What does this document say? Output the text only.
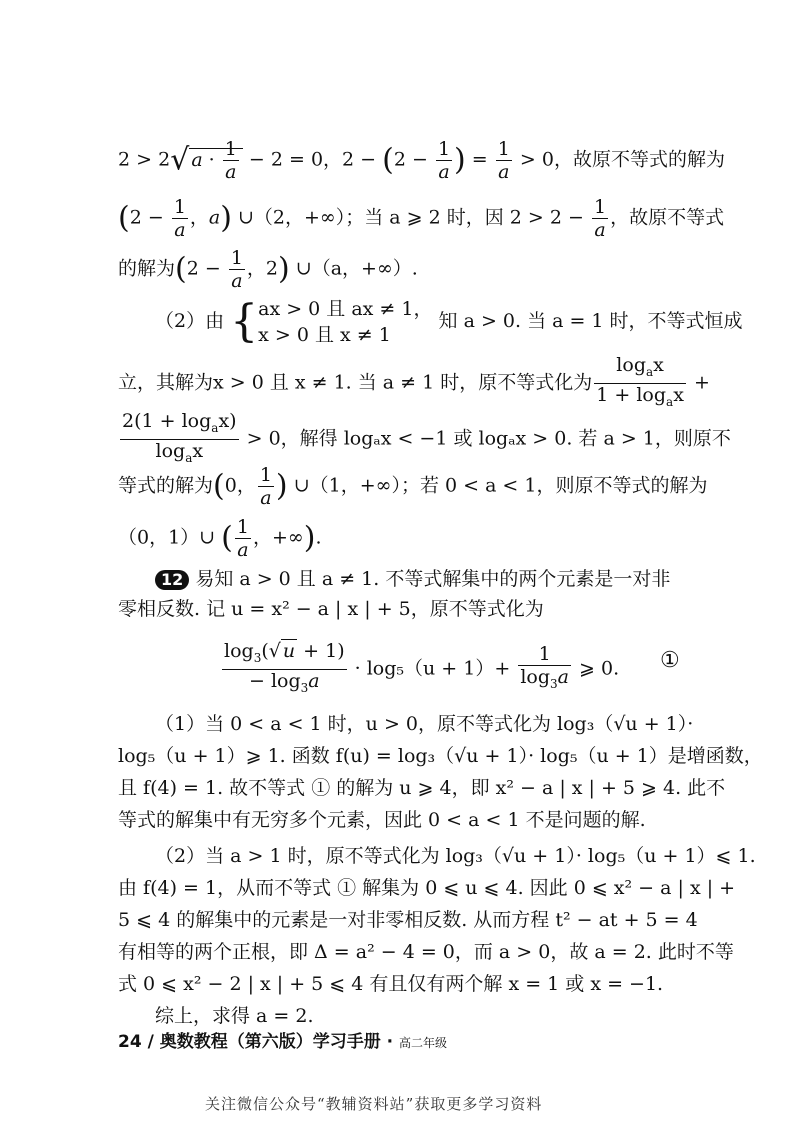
2 > 2√ $a \cdot \frac{1}{a} - 2 = 0$，$2 - (2 - \frac{1}{a}$ ) = $\frac{1}{a} > 0$，故原不等式的解为
($2 - \frac{1}{a}$ ，a) ∪（2，+∞）；当 a ⩾ 2 时，因 $2 > 2 - \frac{1}{a}$ ，故原不等式
的解为($2 - \frac{1}{a}$ ，2) ∪（a，+∞）.
（2）由 {ax > 0 且 ax ≠ 1，
x > 0 且 x ≠ 1 知 a > 0. 当 a = 1 时，不等式恒成
立，其解为x > 0 且 x ≠ 1. 当 a ≠ 1 时，原不等式化为 $\frac{\log_ax}{1 + \log_ax}$ +
$\frac{2(1 + \log_ax)}{\log_ax} > 0$，解得 logₐx < −1 或 logₐx > 0. 若 a > 1，则原不
等式的解为(0， $\frac{1}{a}$ ) ∪（1，+∞）；若 0 < a < 1，则原不等式的解为
（0，1）∪ ( $\frac{1}{a}$ ，+∞).
12 易知 a > 0 且 a ≠ 1. 不等式解集中的两个元素是一对非
零相反数. 记 u = x² − a | x | + 5，原不等式化为
$\frac{\log_3(√ u + 1)}{- \log_3a} \cdot \log_5(u + 1)+ \frac{1}{\log_3a}$ ⩾ 0.	①
（1）当 0 < a < 1 时，u > 0，原不等式化为 log₃（√u + 1）·
log₅（u + 1）⩾ 1. 函数 f(u) = log₃（√u + 1）· log₅（u + 1）是增函数，
且 f(4) = 1. 故不等式 ① 的解为 u ⩾ 4，即 x² − a | x | + 5 ⩾ 4. 此不
等式的解集中有无穷多个元素，因此 0 < a < 1 不是问题的解.
（2）当 a > 1 时，原不等式化为 log₃（√u + 1）· log₅（u + 1）⩽ 1.
由 f(4) = 1，从而不等式 ① 解集为 0 ⩽ u ⩽ 4. 因此 0 ⩽ x² − a | x | +
5 ⩽ 4 的解集中的元素是一对非零相反数. 从而方程 t² − at + 5 = 4
有相等的两个正根，即 Δ = a² − 4 = 0，而 a > 0，故 a = 2. 此时不等
式 0 ⩽ x² − 2 | x | + 5 ⩽ 4 有且仅有两个解 x = 1 或 x = −1.
综上，求得 a = 2.
24 / 奥数教程（第六版）学习手册 · 高二年级
关注微信公众号“教辅资料站”获取更多学习资料
